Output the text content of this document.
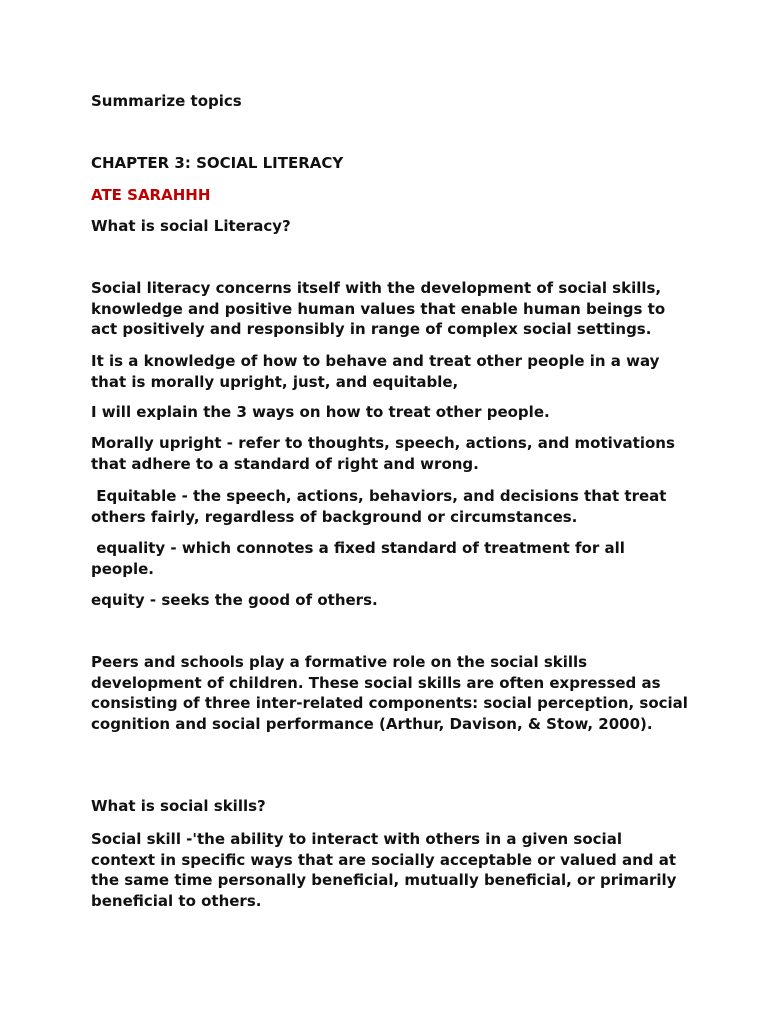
Summarize topics
CHAPTER 3: SOCIAL LITERACY
ATE SARAHHH
What is social Literacy?
Social literacy concerns itself with the development of social skills, knowledge and positive human values that enable human beings to act positively and responsibly in range of complex social settings.
It is a knowledge of how to behave and treat other people in a way that is morally upright, just, and equitable,
I will explain the 3 ways on how to treat other people.
Morally upright - refer to thoughts, speech, actions, and motivations that adhere to a standard of right and wrong.
Equitable - the speech, actions, behaviors, and decisions that treat others fairly, regardless of background or circumstances.
equality - which connotes a fixed standard of treatment for all people.
equity - seeks the good of others.
Peers and schools play a formative role on the social skills development of children. These social skills are often expressed as consisting of three inter-related components: social perception, social cognition and social performance (Arthur, Davison, & Stow, 2000).
What is social skills?
Social skill -'the ability to interact with others in a given social context in specific ways that are socially acceptable or valued and at the same time personally beneficial, mutually beneficial, or primarily beneficial to others.
